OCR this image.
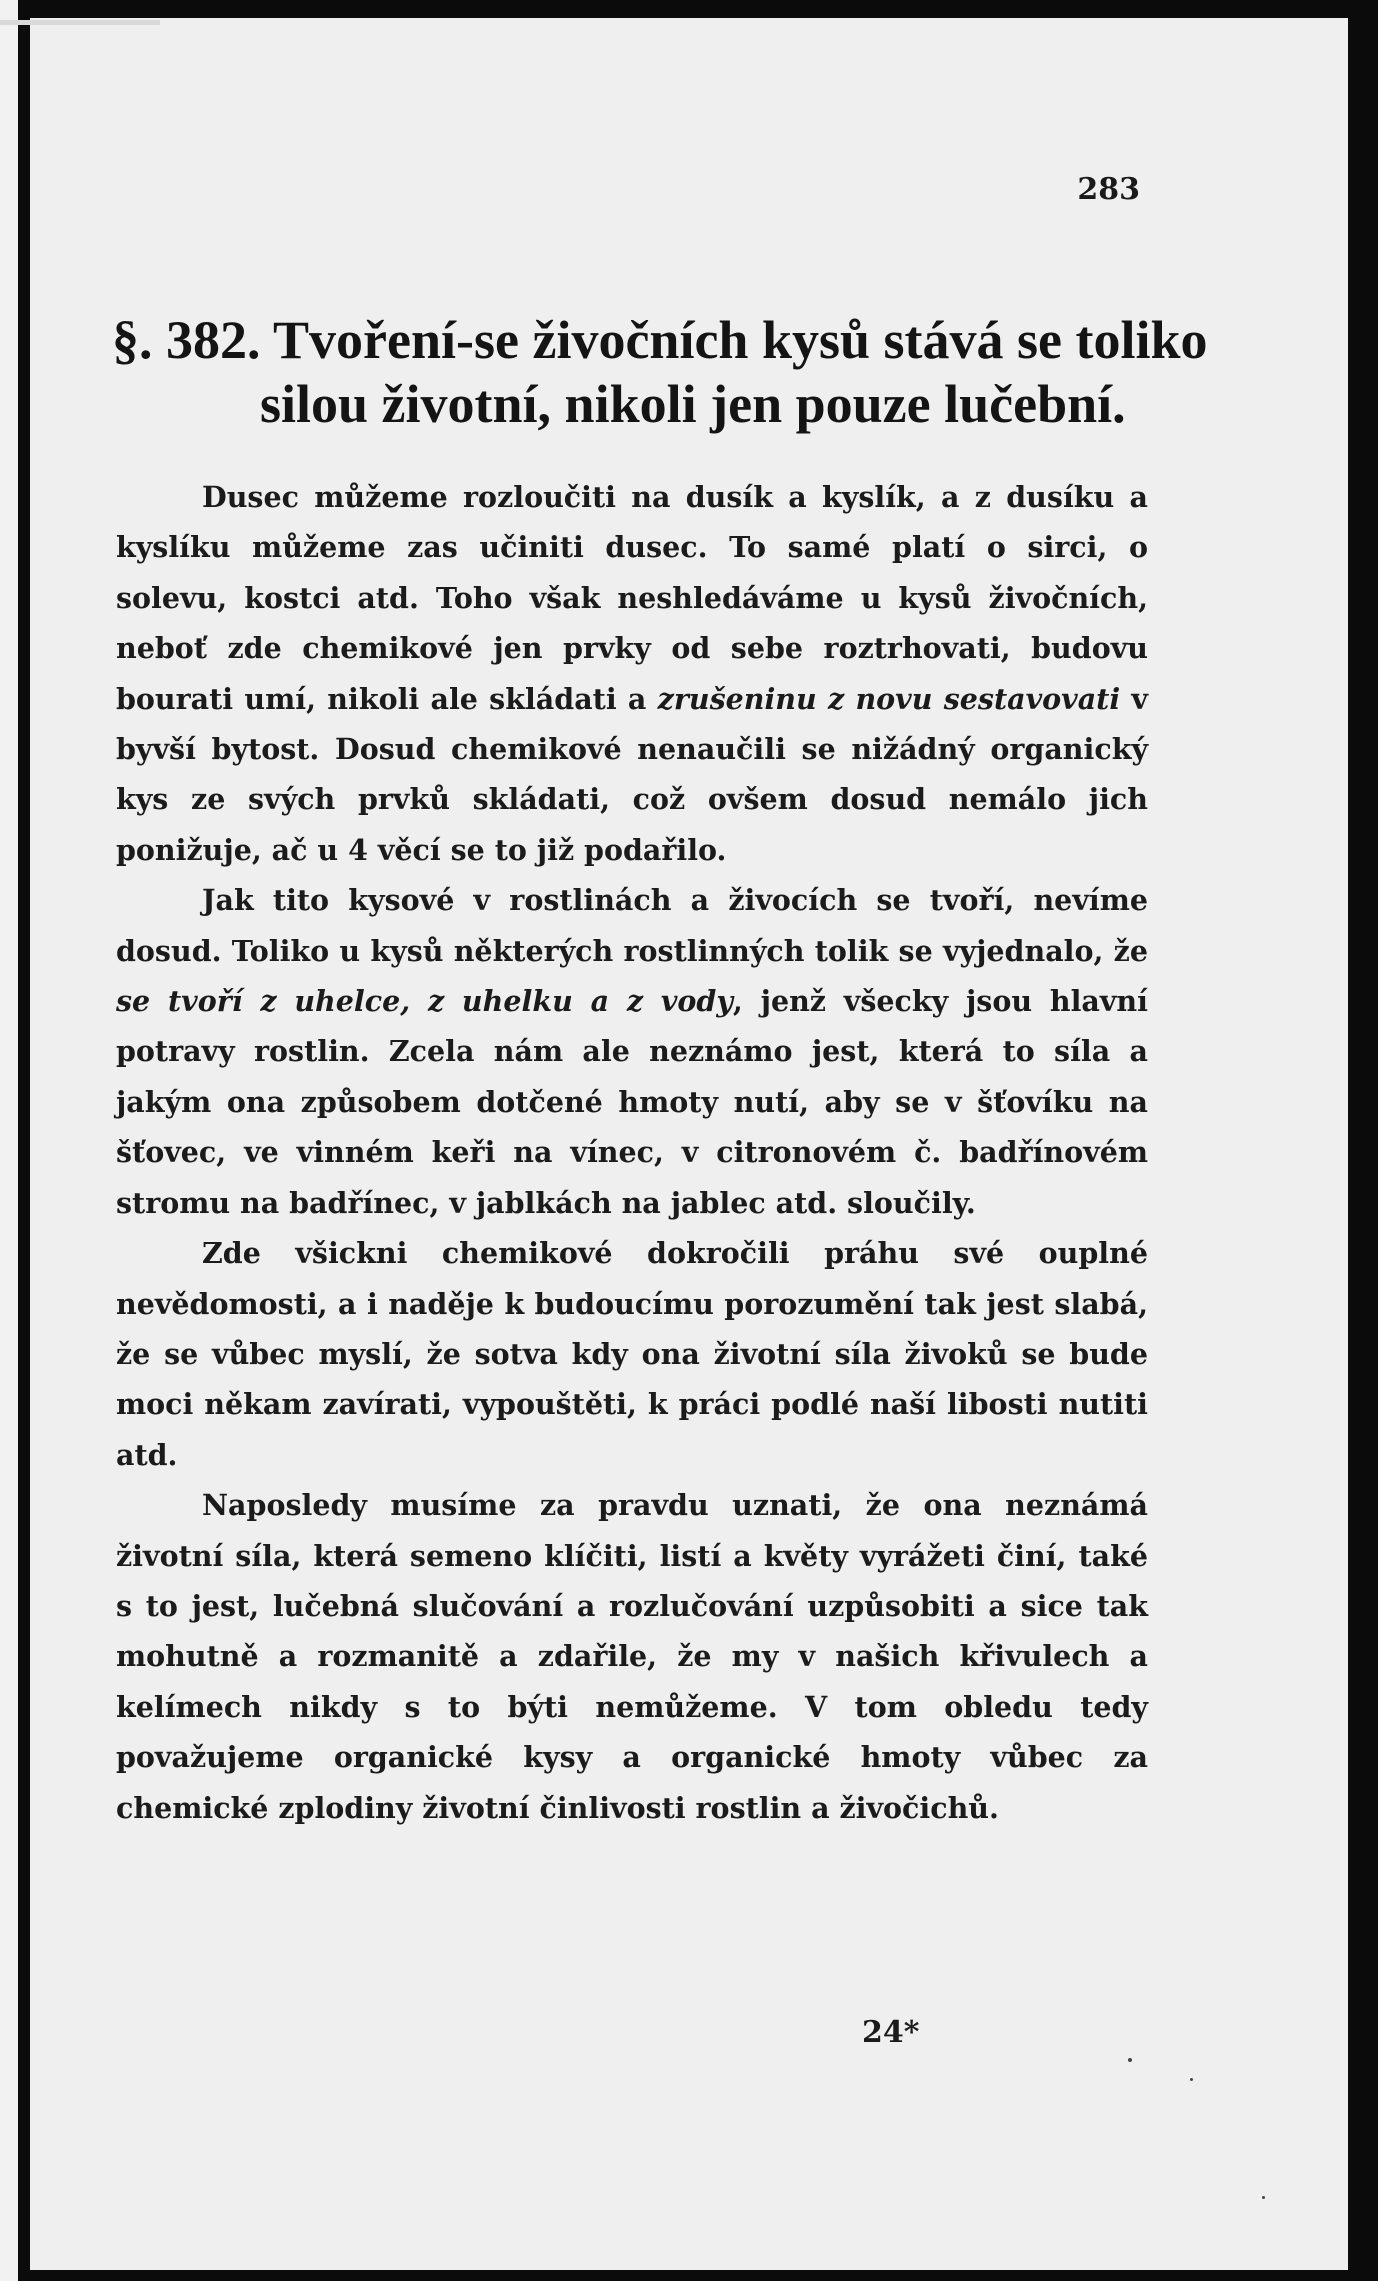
283

§. 382. Tvoření-se živočních kysů stává se toliko
silou životní, nikoli jen pouze lučební.

Dusec můžeme rozloučiti na dusík a kyslík, a z dusíku a kyslíku můžeme zas učiniti dusec. To samé platí o sirci, o solevu, kostci atd. Toho však neshledáváme u kysů živočních, neboť zde chemikové jen prvky od sebe roztrhovati, budovu bourati umí, nikoli ale skládati a zrušeninu z novu sestavovati v byvší bytost. Dosud chemikové nenaučili se nižádný organický kys ze svých prvků skládati, což ovšem dosud nemálo jich ponižuje, ač u 4 věcí se to již podařilo.

Jak tito kysové v rostlinách a živocích se tvoří, nevíme dosud. Toliko u kysů některých rostlinných tolik se vyjednalo, že se tvoří z uhelce, z uhelku a z vody, jenž všecky jsou hlavní potravy rostlin. Zcela nám ale neznámo jest, která to síla a jakým ona způsobem dotčené hmoty nutí, aby se v šťovíku na šťovec, ve vinném keři na vínec, v citronovém č. badřínovém stromu na badřínec, v jablkách na jablec atd. sloučily.

Zde všickni chemikové dokročili práhu své ouplné nevědomosti, a i naděje k budoucímu porozumění tak jest slabá, že se vůbec myslí, že sotva kdy ona životní síla živoků se bude moci někam zavírati, vypouštěti, k práci podlé naší libosti nutiti atd.

Naposledy musíme za pravdu uznati, že ona neznámá životní síla, která semeno klíčiti, listí a květy vyrážeti činí, také s to jest, lučebná slučování a rozlučování uzpůsobiti a sice tak mohutně a rozmanitě a zdařile, že my v našich křivulech a kelímech nikdy s to býti nemůžeme. V tom obledu tedy považujeme organické kysy a organické hmoty vůbec za chemické zplodiny životní činlivosti rostlin a živočichů.

24*
